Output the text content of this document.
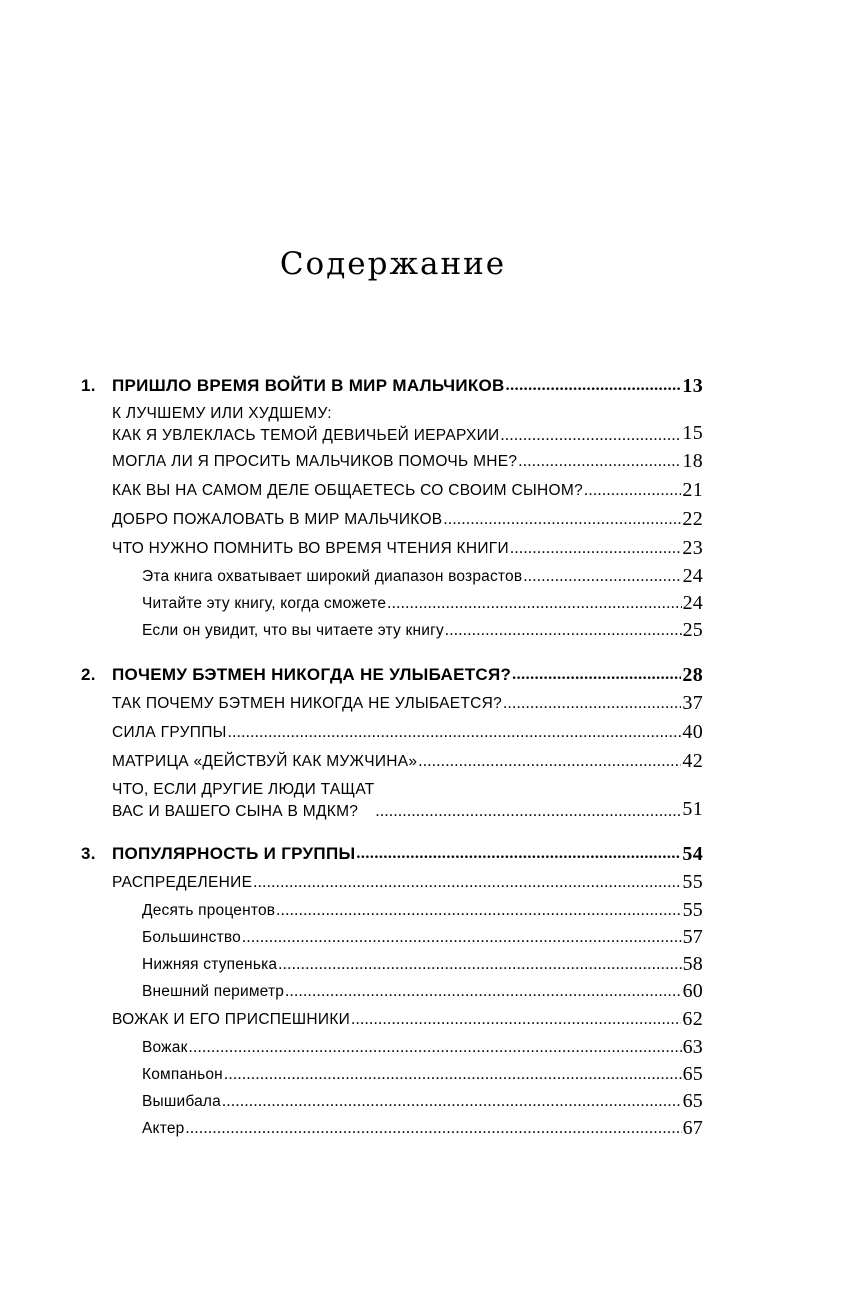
Содержание
1. ПРИШЛО ВРЕМЯ ВОЙТИ В МИР МАЛЬЧИКОВ .....	13
К ЛУЧШЕМУ ИЛИ ХУДШЕМУ:
КАК Я УВЛЕКЛАСЬ ТЕМОЙ ДЕВИЧЬЕЙ ИЕРАРХИИ .....	15
МОГЛА ЛИ Я ПРОСИТЬ МАЛЬЧИКОВ ПОМОЧЬ МНЕ? .....	18
КАК ВЫ НА САМОМ ДЕЛЕ ОБЩАЕТЕСЬ СО СВОИМ СЫНОМ? .....	21
ДОБРО ПОЖАЛОВАТЬ В МИР МАЛЬЧИКОВ .....	22
ЧТО НУЖНО ПОМНИТЬ ВО ВРЕМЯ ЧТЕНИЯ КНИГИ .....	23
Эта книга охватывает широкий диапазон возрастов .....	24
Читайте эту книгу, когда сможете .....	24
Если он увидит, что вы читаете эту книгу .....	25
2. ПОЧЕМУ БЭТМЕН НИКОГДА НЕ УЛЫБАЕТСЯ? .....	28
ТАК ПОЧЕМУ БЭТМЕН НИКОГДА НЕ УЛЫБАЕТСЯ? .....	37
СИЛА ГРУППЫ .....	40
МАТРИЦА «ДЕЙСТВУЙ КАК МУЖЧИНА» .....	42
ЧТО, ЕСЛИ ДРУГИЕ ЛЮДИ ТАЩАТ
ВАС И ВАШЕГО СЫНА В МДКМ? .....	51
3. ПОПУЛЯРНОСТЬ И ГРУППЫ .....	54
РАСПРЕДЕЛЕНИЕ .....	55
Десять процентов .....	55
Большинство .....	57
Нижняя ступенька .....	58
Внешний периметр .....	60
ВОЖАК И ЕГО ПРИСПЕШНИКИ .....	62
Вожак .....	63
Компаньон .....	65
Вышибала .....	65
Актер .....	67
